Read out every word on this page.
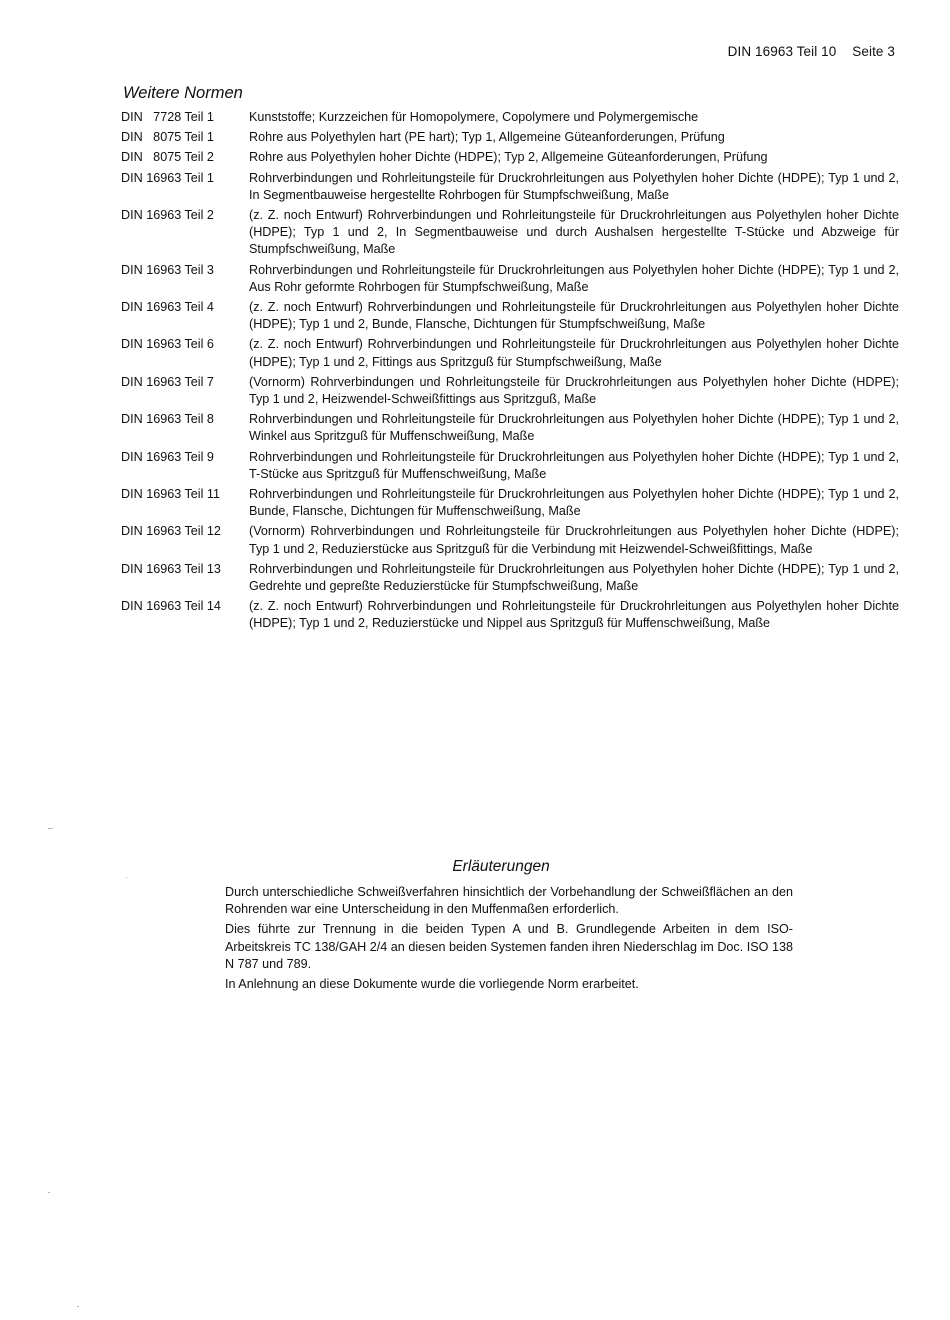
DIN 16963 Teil 10 Seite 3
Weitere Normen
DIN   7728 Teil 1	Kunststoffe; Kurzzeichen für Homopolymere, Copolymere und Polymergemische
DIN   8075 Teil 1	Rohre aus Polyethylen hart (PE hart); Typ 1, Allgemeine Güteanforderungen, Prüfung
DIN   8075 Teil 2	Rohre aus Polyethylen hoher Dichte (HDPE); Typ 2, Allgemeine Güteanforderungen, Prüfung
DIN 16963 Teil 1	Rohrverbindungen und Rohrleitungsteile für Druckrohrleitungen aus Polyethylen hoher Dichte (HDPE); Typ 1 und 2, In Segmentbauweise hergestellte Rohrbogen für Stumpfschweißung, Maße
DIN 16963 Teil 2	(z. Z. noch Entwurf) Rohrverbindungen und Rohrleitungsteile für Druckrohrleitungen aus Polyethylen hoher Dichte (HDPE); Typ 1 und 2, In Segmentbauweise und durch Aushalsen hergestellte T-Stücke und Abzweige für Stumpfschweißung, Maße
DIN 16963 Teil 3	Rohrverbindungen und Rohrleitungsteile für Druckrohrleitungen aus Polyethylen hoher Dichte (HDPE); Typ 1 und 2, Aus Rohr geformte Rohrbogen für Stumpfschweißung, Maße
DIN 16963 Teil 4	(z. Z. noch Entwurf) Rohrverbindungen und Rohrleitungsteile für Druckrohrleitungen aus Polyethylen hoher Dichte (HDPE); Typ 1 und 2, Bunde, Flansche, Dichtungen für Stumpfschweißung, Maße
DIN 16963 Teil 6	(z. Z. noch Entwurf) Rohrverbindungen und Rohrleitungsteile für Druckrohrleitungen aus Polyethylen hoher Dichte (HDPE); Typ 1 und 2, Fittings aus Spritzguß für Stumpfschweißung, Maße
DIN 16963 Teil 7	(Vornorm) Rohrverbindungen und Rohrleitungsteile für Druckrohrleitungen aus Polyethylen hoher Dichte (HDPE); Typ 1 und 2, Heizwendel-Schweißfittings aus Spritzguß, Maße
DIN 16963 Teil 8	Rohrverbindungen und Rohrleitungsteile für Druckrohrleitungen aus Polyethylen hoher Dichte (HDPE); Typ 1 und 2, Winkel aus Spritzguß für Muffenschweißung, Maße
DIN 16963 Teil 9	Rohrverbindungen und Rohrleitungsteile für Druckrohrleitungen aus Polyethylen hoher Dichte (HDPE); Typ 1 und 2, T-Stücke aus Spritzguß für Muffenschweißung, Maße
DIN 16963 Teil 11	Rohrverbindungen und Rohrleitungsteile für Druckrohrleitungen aus Polyethylen hoher Dichte (HDPE); Typ 1 und 2, Bunde, Flansche, Dichtungen für Muffenschweißung, Maße
DIN 16963 Teil 12	(Vornorm) Rohrverbindungen und Rohrleitungsteile für Druckrohrleitungen aus Polyethylen hoher Dichte (HDPE); Typ 1 und 2, Reduzierstücke aus Spritzguß für die Verbindung mit Heizwendel-Schweißfittings, Maße
DIN 16963 Teil 13	Rohrverbindungen und Rohrleitungsteile für Druckrohrleitungen aus Polyethylen hoher Dichte (HDPE); Typ 1 und 2, Gedrehte und gepreßte Reduzierstücke für Stumpfschweißung, Maße
DIN 16963 Teil 14	(z. Z. noch Entwurf) Rohrverbindungen und Rohrleitungsteile für Druckrohrleitungen aus Polyethylen hoher Dichte (HDPE); Typ 1 und 2, Reduzierstücke und Nippel aus Spritzguß für Muffenschweißung, Maße
Erläuterungen

Durch unterschiedliche Schweißverfahren hinsichtlich der Vorbehandlung der Schweißflächen an den Rohrenden war eine Unterscheidung in den Muffenmaßen erforderlich.

Dies führte zur Trennung in die beiden Typen A und B. Grundlegende Arbeiten in dem ISO-Arbeitskreis TC 138/GAH 2/4 an diesen beiden Systemen fanden ihren Niederschlag im Doc. ISO 138 N 787 und 789.

In Anlehnung an diese Dokumente wurde die vorliegende Norm erarbeitet.
